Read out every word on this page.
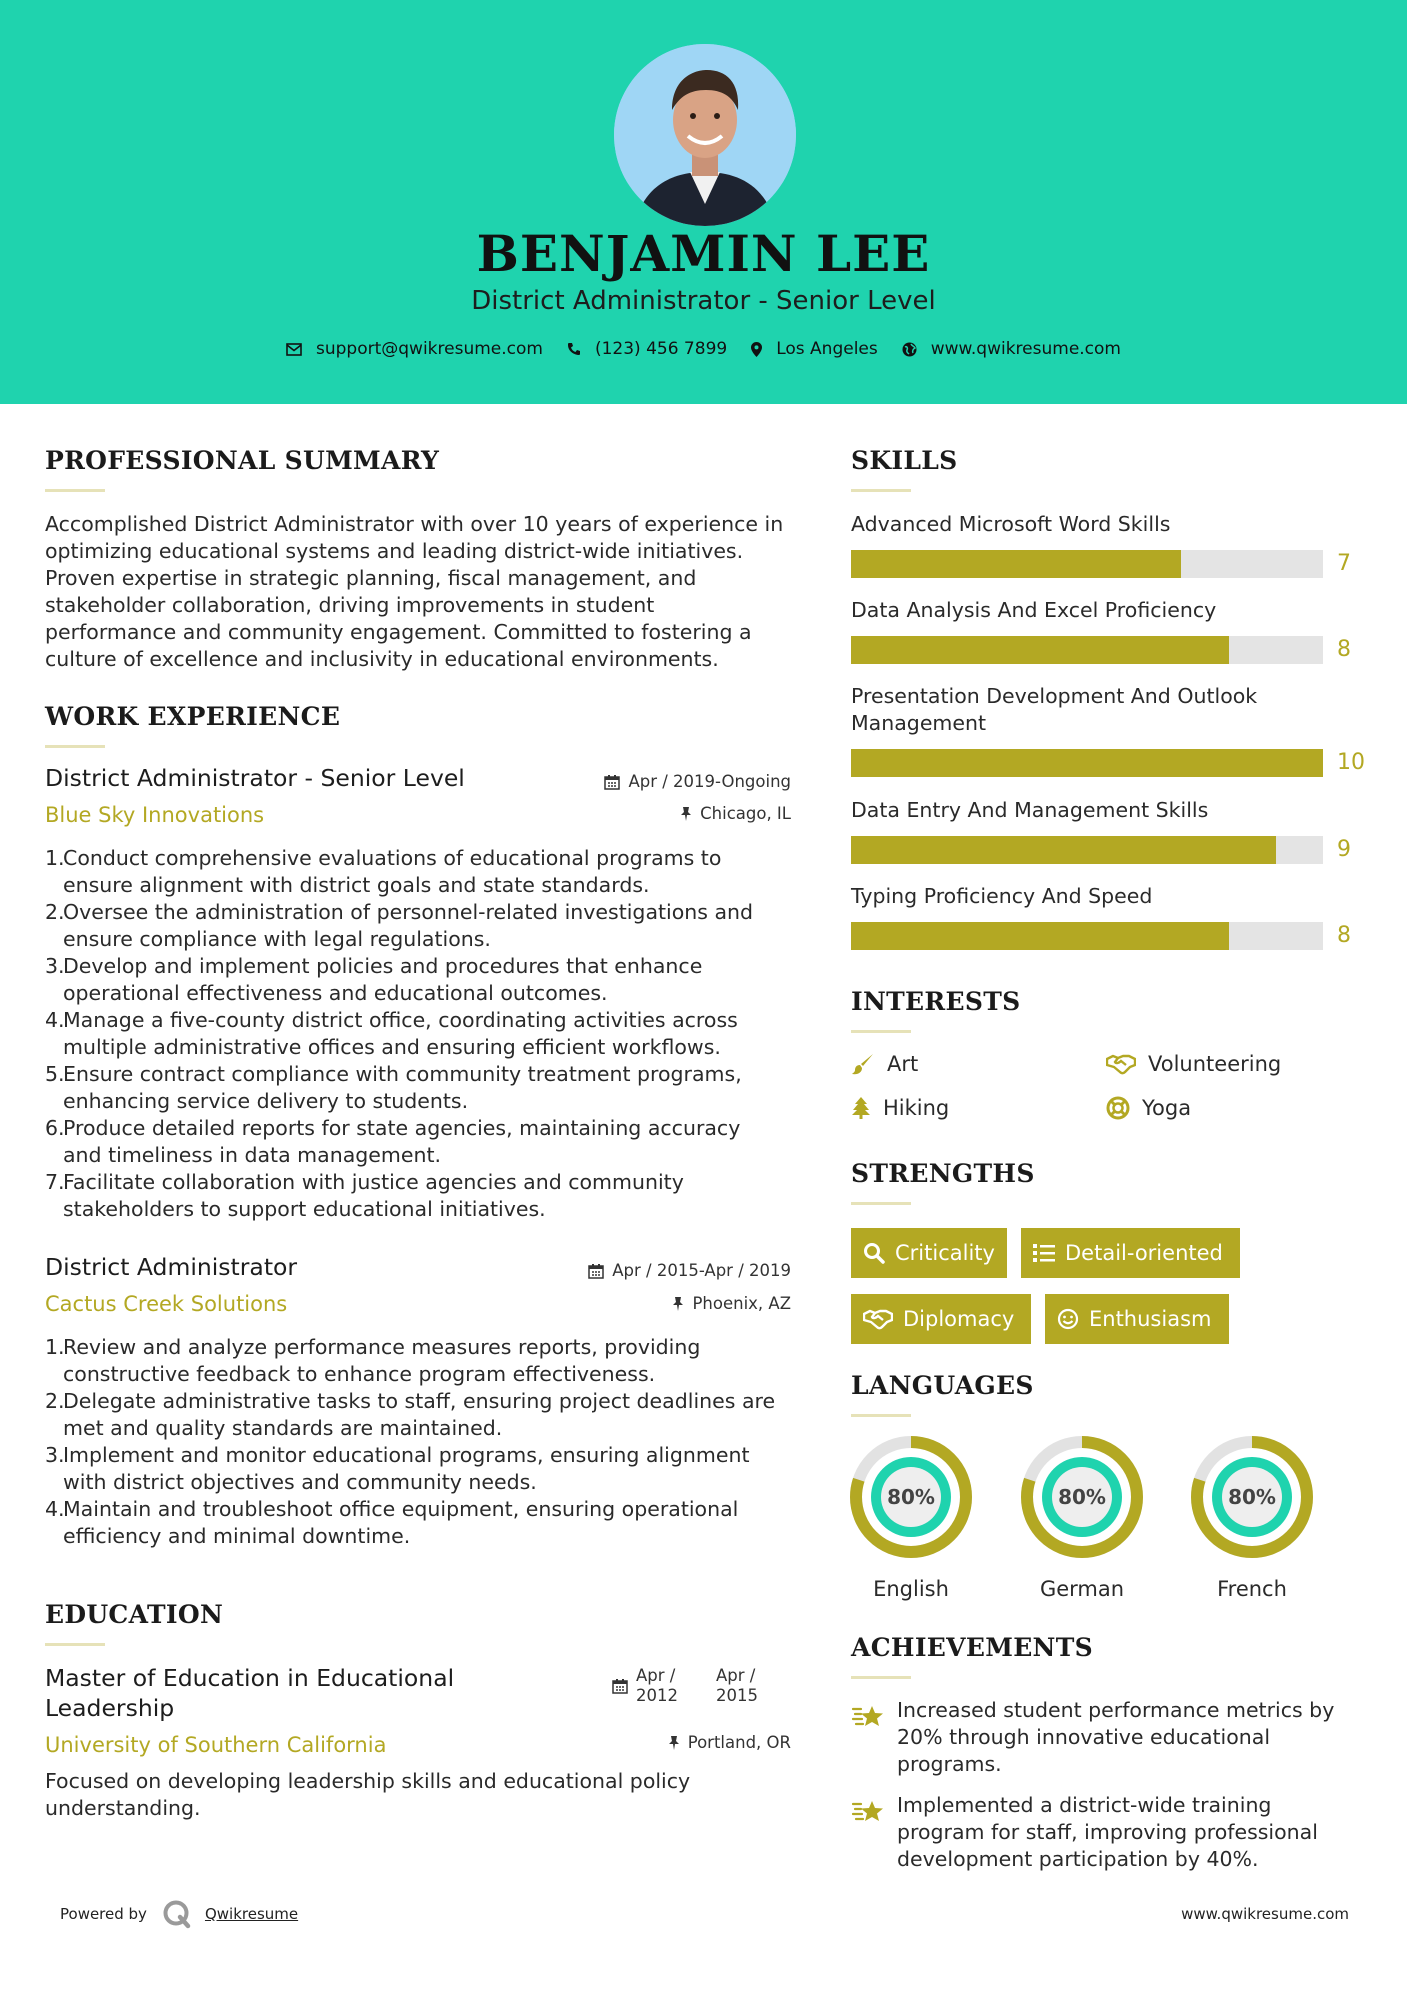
BENJAMIN LEE
District Administrator - Senior Level
support@qwikresume.com	(123) 456 7899	Los Angeles	www.qwikresume.com
PROFESSIONAL SUMMARY
Accomplished District Administrator with over 10 years of experience in
optimizing educational systems and leading district-wide initiatives.
Proven expertise in strategic planning, fiscal management, and
stakeholder collaboration, driving improvements in student
performance and community engagement. Committed to fostering a
culture of excellence and inclusivity in educational environments.
WORK EXPERIENCE
District Administrator - Senior Level	Apr / 2019-Ongoing
Blue Sky Innovations	Chicago, IL
1.
Conduct comprehensive evaluations of educational programs to
ensure alignment with district goals and state standards.
2.
Oversee the administration of personnel-related investigations and
ensure compliance with legal regulations.
3.
Develop and implement policies and procedures that enhance
operational effectiveness and educational outcomes.
4.
Manage a five-county district office, coordinating activities across
multiple administrative offices and ensuring efficient workflows.
5.
Ensure contract compliance with community treatment programs,
enhancing service delivery to students.
6.
Produce detailed reports for state agencies, maintaining accuracy
and timeliness in data management.
7.
Facilitate collaboration with justice agencies and community
stakeholders to support educational initiatives.
District Administrator	Apr / 2015-Apr / 2019
Cactus Creek Solutions	Phoenix, AZ
1.
Review and analyze performance measures reports, providing
constructive feedback to enhance program effectiveness.
2.
Delegate administrative tasks to staff, ensuring project deadlines are
met and quality standards are maintained.
3.
Implement and monitor educational programs, ensuring alignment
with district objectives and community needs.
4.
Maintain and troubleshoot office equipment, ensuring operational
efficiency and minimal downtime.
EDUCATION
Master of Education in Educational
Leadership
Apr /
2012
Apr /
2015
University of Southern California	Portland, OR
Focused on developing leadership skills and educational policy
understanding.
SKILLS
Advanced Microsoft Word Skills
7
Data Analysis And Excel Proficiency
8
Presentation Development And Outlook
Management
10
Data Entry And Management Skills
9
Typing Proficiency And Speed
8
INTERESTS
Art	Volunteering
Hiking	Yoga
STRENGTHS
Criticality	Detail-oriented
Diplomacy	Enthusiasm
LANGUAGES
80%
English
80%
German
80%
French
ACHIEVEMENTS
Increased student performance metrics by
20% through innovative educational
programs.
Implemented a district-wide training
program for staff, improving professional
development participation by 40%.
Powered by	Qwikresume	www.qwikresume.com
